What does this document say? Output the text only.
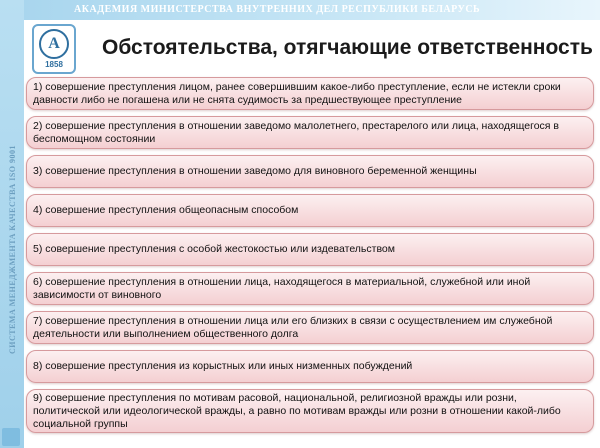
СИСТЕМА МЕНЕДЖМЕНТА КАЧЕСТВА ISO 9001
АКАДЕМИЯ МИНИСТЕРСТВА ВНУТРЕННИХ ДЕЛ РЕСПУБЛИКИ БЕЛАРУСЬ
А
1858
Обстоятельства, отягчающие ответственность
1) совершение преступления лицом, ранее совершившим какое-либо преступление, если не истекли сроки давности либо не погашена или не снята судимость за предшествующее преступление
2) совершение преступления в отношении заведомо малолетнего, престарелого или лица, находящегося в беспомощном состоянии
3) совершение преступления в отношении заведомо для виновного беременной женщины
4) совершение преступления общеопасным способом
5) совершение преступления с особой жестокостью или издевательством
6) совершение преступления в отношении лица, находящегося в материальной, служебной или иной зависимости от виновного
7) совершение преступления в отношении лица или его близких в связи с осуществлением им служебной деятельности или выполнением общественного долга
8) совершение преступления из корыстных или иных низменных побуждений
9) совершение преступления по мотивам расовой, национальной, религиозной вражды или розни, политической или идеологической вражды, а равно по мотивам вражды или розни в отношении какой-либо социальной группы
